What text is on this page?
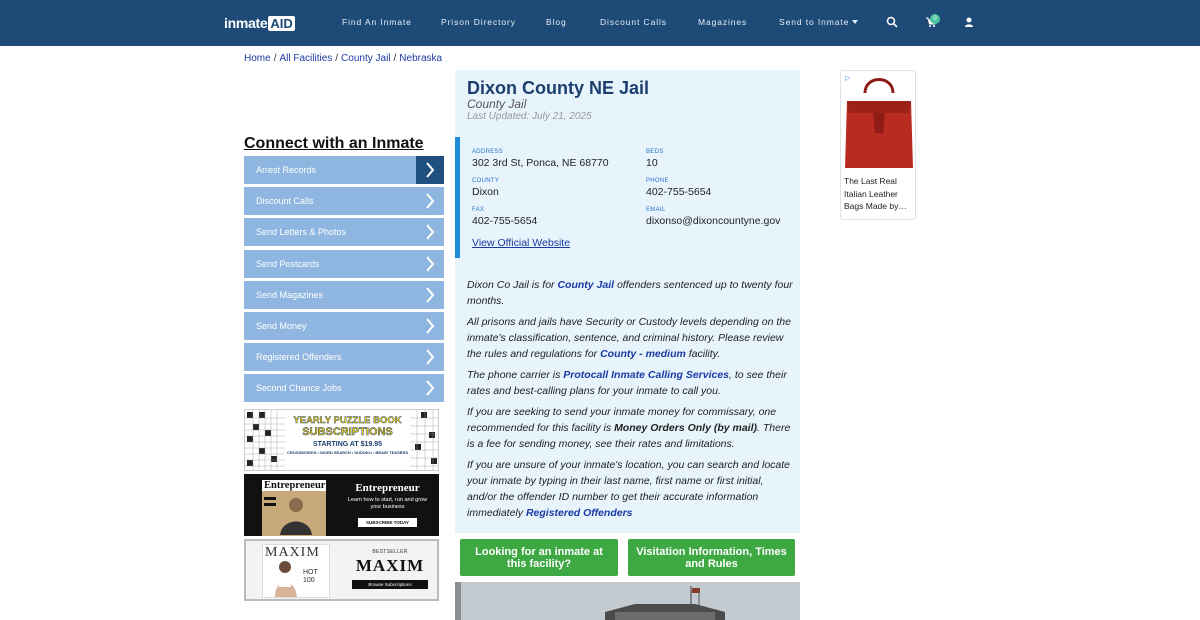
inmate AID	Find An Inmate	Prison Directory	Blog	Discount Calls	Magazines	Send to Inmate	0
Home / All Facilities / County Jail / Nebraska
Connect with an Inmate
Arrest Records
Discount Calls
Send Letters & Photos
Send Postcards
Send Magazines
Send Money
Registered Offenders
Second Chance Jobs
YEARLY PUZZLE BOOK
SUBSCRIPTIONS
STARTING AT $19.95
CROSSWORDS • WORD SEARCH • SUDOKU • BRAIN TEASERS
Entrepreneur	Entrepreneur
Learn how to start, run and grow your business
SUBSCRIBE TODAY
MAXIM
HOT 100
BESTSELLER
MAXIM
Browse Subscriptions
Dixon County NE Jail
County Jail
Last Updated: July 21, 2025
ADDRESS
302 3rd St, Ponca, NE 68770
BEDS
10
COUNTY
Dixon
PHONE
402-755-5654
FAX
402-755-5654
EMAIL
dixonso@dixoncountyne.gov
View Official Website
Dixon Co Jail is for County Jail offenders sentenced up to twenty four months.
All prisons and jails have Security or Custody levels depending on the inmate's classification, sentence, and criminal history. Please review the rules and regulations for County - medium facility.
The phone carrier is Protocall Inmate Calling Services, to see their rates and best-calling plans for your inmate to call you.
If you are seeking to send your inmate money for commissary, one recommended for this facility is Money Orders Only (by mail). There is a fee for sending money, see their rates and limitations.
If you are unsure of your inmate's location, you can search and locate your inmate by typing in their last name, first name or first initial, and/or the offender ID number to get their accurate information immediately Registered Offenders
Looking for an inmate at this facility?
Visitation Information, Times and Rules
▷
The Last Real Italian Leather Bags Made by…
